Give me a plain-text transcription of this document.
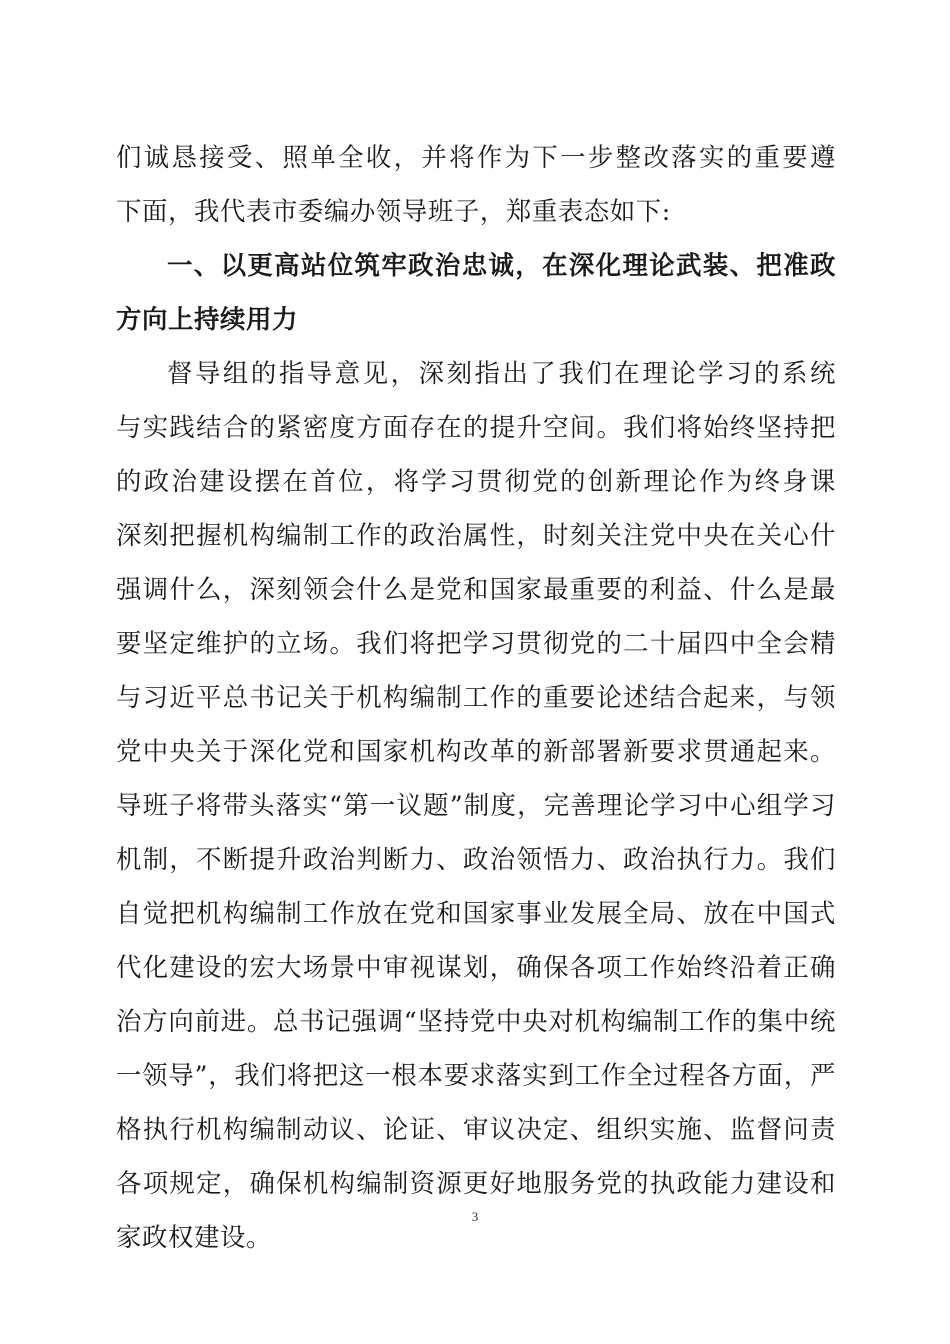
们诚恳接受、照单全收，并将作为下一步整改落实的重要遵
下面，我代表市委编办领导班子，郑重表态如下:
一、以更高站位筑牢政治忠诚，在深化理论武装、把准政
方向上持续用力
督导组的指导意见，深刻指出了我们在理论学习的系统
与实践结合的紧密度方面存在的提升空间。我们将始终坚持把
的政治建设摆在首位，将学习贯彻党的创新理论作为终身课
深刻把握机构编制工作的政治属性，时刻关注党中央在关心什
强调什么，深刻领会什么是党和国家最重要的利益、什么是最
要坚定维护的立场。我们将把学习贯彻党的二十届四中全会精
与习近平总书记关于机构编制工作的重要论述结合起来，与领
党中央关于深化党和国家机构改革的新部署新要求贯通起来。
导班子将带头落实“第一议题”制度，完善理论学习中心组学习
机制，不断提升政治判断力、政治领悟力、政治执行力。我们
自觉把机构编制工作放在党和国家事业发展全局、放在中国式
代化建设的宏大场景中审视谋划，确保各项工作始终沿着正确
治方向前进。总书记强调“坚持党中央对机构编制工作的集中统
一领导”，我们将把这一根本要求落实到工作全过程各方面，严
格执行机构编制动议、论证、审议决定、组织实施、监督问责
各项规定，确保机构编制资源更好地服务党的执政能力建设和
家政权建设。
3
